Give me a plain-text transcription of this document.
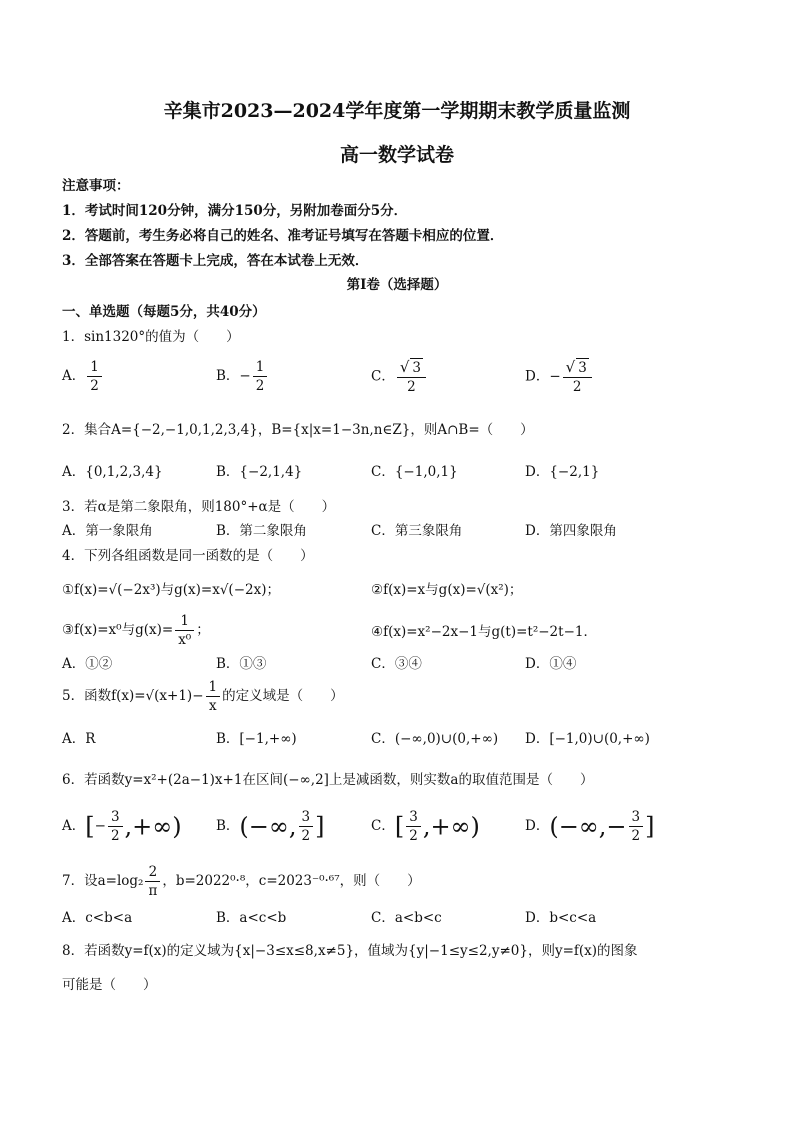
辛集市2023—2024学年度第一学期期末教学质量监测
高一数学试卷
注意事项：
1．考试时间120分钟，满分150分，另附加卷面分5分．
2．答题前，考生务必将自己的姓名、准考证号填写在答题卡相应的位置．
3．全部答案在答题卡上完成，答在本试卷上无效．
第Ⅰ卷（选择题）
一、单选题（每题5分，共40分）
1．sin1320°的值为（　　）
A． $\frac{1}{2}$	B．− $\frac{1}{2}$	C． $\frac{√ 3}{2}$	D．− $\frac{√ 3}{2}$
2．集合A={−2,−1,0,1,2,3,4}，B={x|x=1−3n,n∈Z}，则A∩B=（　　）
A．{0,1,2,3,4}	B．{−2,1,4}	C．{−1,0,1}	D．{−2,1}
3．若α是第二象限角，则180°+α是（　　）
A．第一象限角	B．第二象限角	C．第三象限角	D．第四象限角
4．下列各组函数是同一函数的是（　　）
①f(x)=√(−2x³)与g(x)=x√(−2x)；	②f(x)=x与g(x)=√(x²)；
③f(x)=x⁰与$g(x)= \frac{1}{\text{x⁰}}$ ；	④f(x)=x²−2x−1与g(t)=t²−2t−1．
A．①②	B．①③	C．③④	D．①④
5．函数$f(x)=√(x+1)- \frac{1}{x}$ 的定义域是（　　）
A．R	B．[−1,+∞)	C．(−∞,0)∪(0,+∞) D．[−1,0)∪(0,+∞)
6．若函数y=x²+(2a−1)x+1在区间(−∞,2]上是减函数，则实数a的取值范围是（　　）
A．[− $\frac{3}{2}$ ,+∞)	B．(−∞, $\frac{3}{2}$ ]	C．[ $\frac{3}{2}$ ,+∞)	D．(−∞,− $\frac{3}{2}$ ]
7．设$a=\log_2 \frac{2}{\pi}$ ，b=2022⁰·⁸，c=2023⁻⁰·⁶⁷，则（　　）
A．c<b<a	B．a<c<b	C．a<b<c	D．b<c<a
8．若函数y=f(x)的定义域为{x|−3≤x≤8,x≠5}，值域为{y|−1≤y≤2,y≠0}，则y=f(x)的图象
可能是（　　）
